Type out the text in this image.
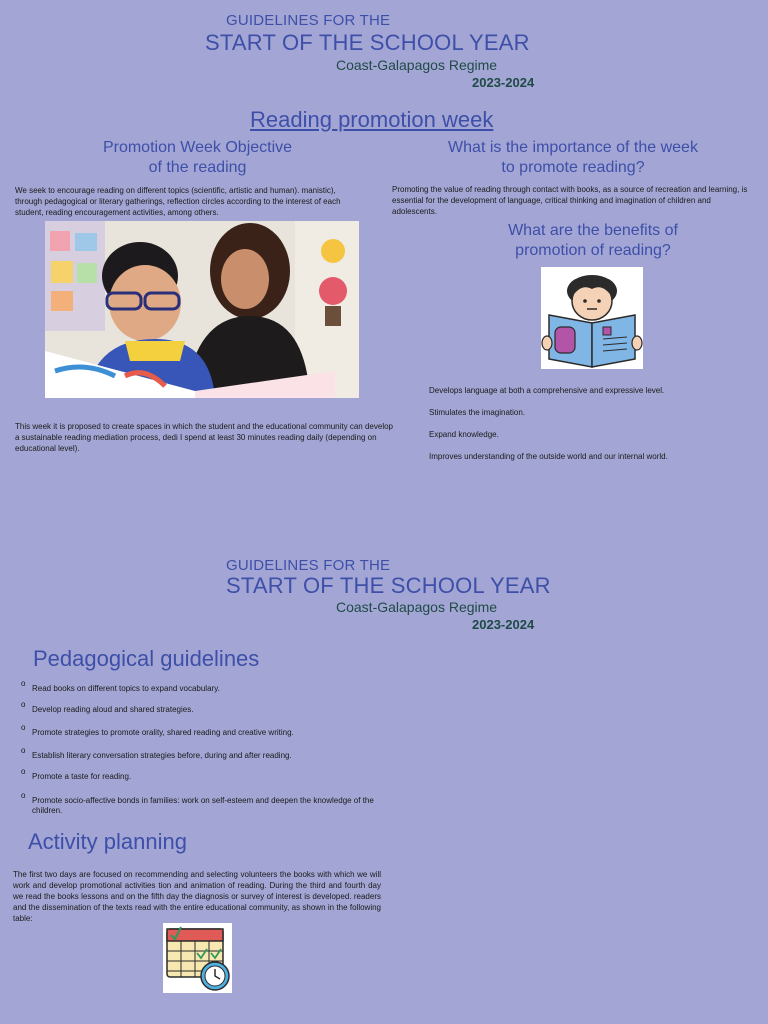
GUIDELINES FOR THE
START OF THE SCHOOL YEAR
Coast-Galapagos Regime
2023-2024
Reading promotion week
Promotion Week Objective
of the reading
We seek to encourage reading on different topics (scientific, artistic and human). manistic), through pedagogical or literary gatherings, reflection circles according to the interest of each student, reading encouragement activities, among others.
This week it is proposed to create spaces in which the student and the educational community can develop a sustainable reading mediation process, dedi I spend at least 30 minutes reading daily (depending on educational level).
What is the importance of the week
to promote reading?
Promoting the value of reading through contact with books, as a source of recreation and learning, is essential for the development of language, critical thinking and imagination of children and adolescents.
What are the benefits of
promotion of reading?
Develops language at both a comprehensive and expressive level.
Stimulates the imagination.
Expand knowledge.
Improves understanding of the outside world and our internal world.
GUIDELINES FOR THE
START OF THE SCHOOL YEAR
Coast-Galapagos Regime
2023-2024
Pedagogical guidelines
o
Read books on different topics to expand vocabulary.
o
Develop reading aloud and shared strategies.
o
Promote strategies to promote orality, shared reading and creative writing.
o
Establish literary conversation strategies before, during and after reading.
o
Promote a taste for reading.
o
Promote socio-affective bonds in families: work on self-esteem and deepen the knowledge of the children.
Activity planning
The first two days are focused on recommending and selecting volunteers the books with which we will work and develop promotional activities tion and animation of reading. During the third and fourth day we read the books lessons and on the fifth day the diagnosis or survey of interest is developed. readers and the dissemination of the texts read with the entire educational community, as shown in the following table:
